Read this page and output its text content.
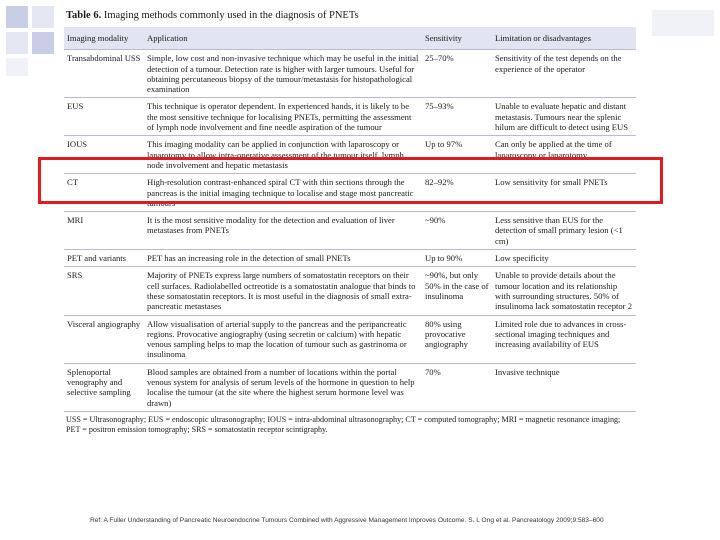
Table 6. Imaging methods commonly used in the diagnosis of PNETs
Imaging modality	Application	Sensitivity	Limitation or disadvantages
Transabdominal USS	Simple, low cost and non-invasive technique which may be useful in the initial detection of a tumour. Detection rate is higher with larger tumours. Useful for obtaining percutaneous biopsy of the tumour/metastasis for histopathological examination	25–70%	Sensitivity of the test depends on the experience of the operator
EUS	This technique is operator dependent. In experienced hands, it is likely to be the most sensitive technique for localising PNETs, permitting the assessment of lymph node involvement and fine needle aspiration of the tumour	75–93%	Unable to evaluate hepatic and distant metastasis. Tumours near the splenic hilum are difficult to detect using EUS
IOUS	This imaging modality can be applied in conjunction with laparoscopy or laparotomy to allow intra-operative assessment of the tumour itself, lymph node involvement and hepatic metastasis	Up to 97%	Can only be applied at the time of laparoscopy or laparotomy
CT	High-resolution contrast-enhanced spiral CT with thin sections through the pancreas is the initial imaging technique to localise and stage most pancreatic tumours	82–92%	Low sensitivity for small PNETs
MRI	It is the most sensitive modality for the detection and evaluation of liver metastases from PNETs	~90%	Less sensitive than EUS for the detection of small primary lesion (<1 cm)
PET and variants	PET has an increasing role in the detection of small PNETs	Up to 90%	Low specificity
SRS	Majority of PNETs express large numbers of somatostatin receptors on their cell surfaces. Radiolabelled octreotide is a somatostatin analogue that binds to these somatostatin receptors. It is most useful in the diagnosis of small extra-pancreatic metastases	~90%, but only 50% in the case of insulinoma	Unable to provide details about the tumour location and its relationship with surrounding structures. 50% of insulinoma lack somatostatin receptor 2
Visceral angiography	Allow visualisation of arterial supply to the pancreas and the peripancreatic regions. Provocative angiography (using secretin or calcium) with hepatic venous sampling helps to map the location of tumour such as gastrinoma or insulinoma	80% using provocative angiography	Limited role due to advances in cross-sectional imaging techniques and increasing availability of EUS
Splenoportal venography and selective sampling	Blood samples are obtained from a number of locations within the portal venous system for analysis of serum levels of the hormone in question to help localise the tumour (at the site where the highest serum hormone level was drawn)	70%	Invasive technique
USS = Ultrasonography; EUS = endoscopic ultrasonography; IOUS = intra-abdominal ultrasonography; CT = computed tomography; MRI = magnetic resonance imaging; PET = positron emission tomography; SRS = somatostatin receptor scintigraphy.
Ref: A Fuller Understanding of Pancreatic Neuroendocrine Tumours Combined with Aggressive Management Improves Outcome. S. L Ong et al. Pancreatology 2009;9:583–600
